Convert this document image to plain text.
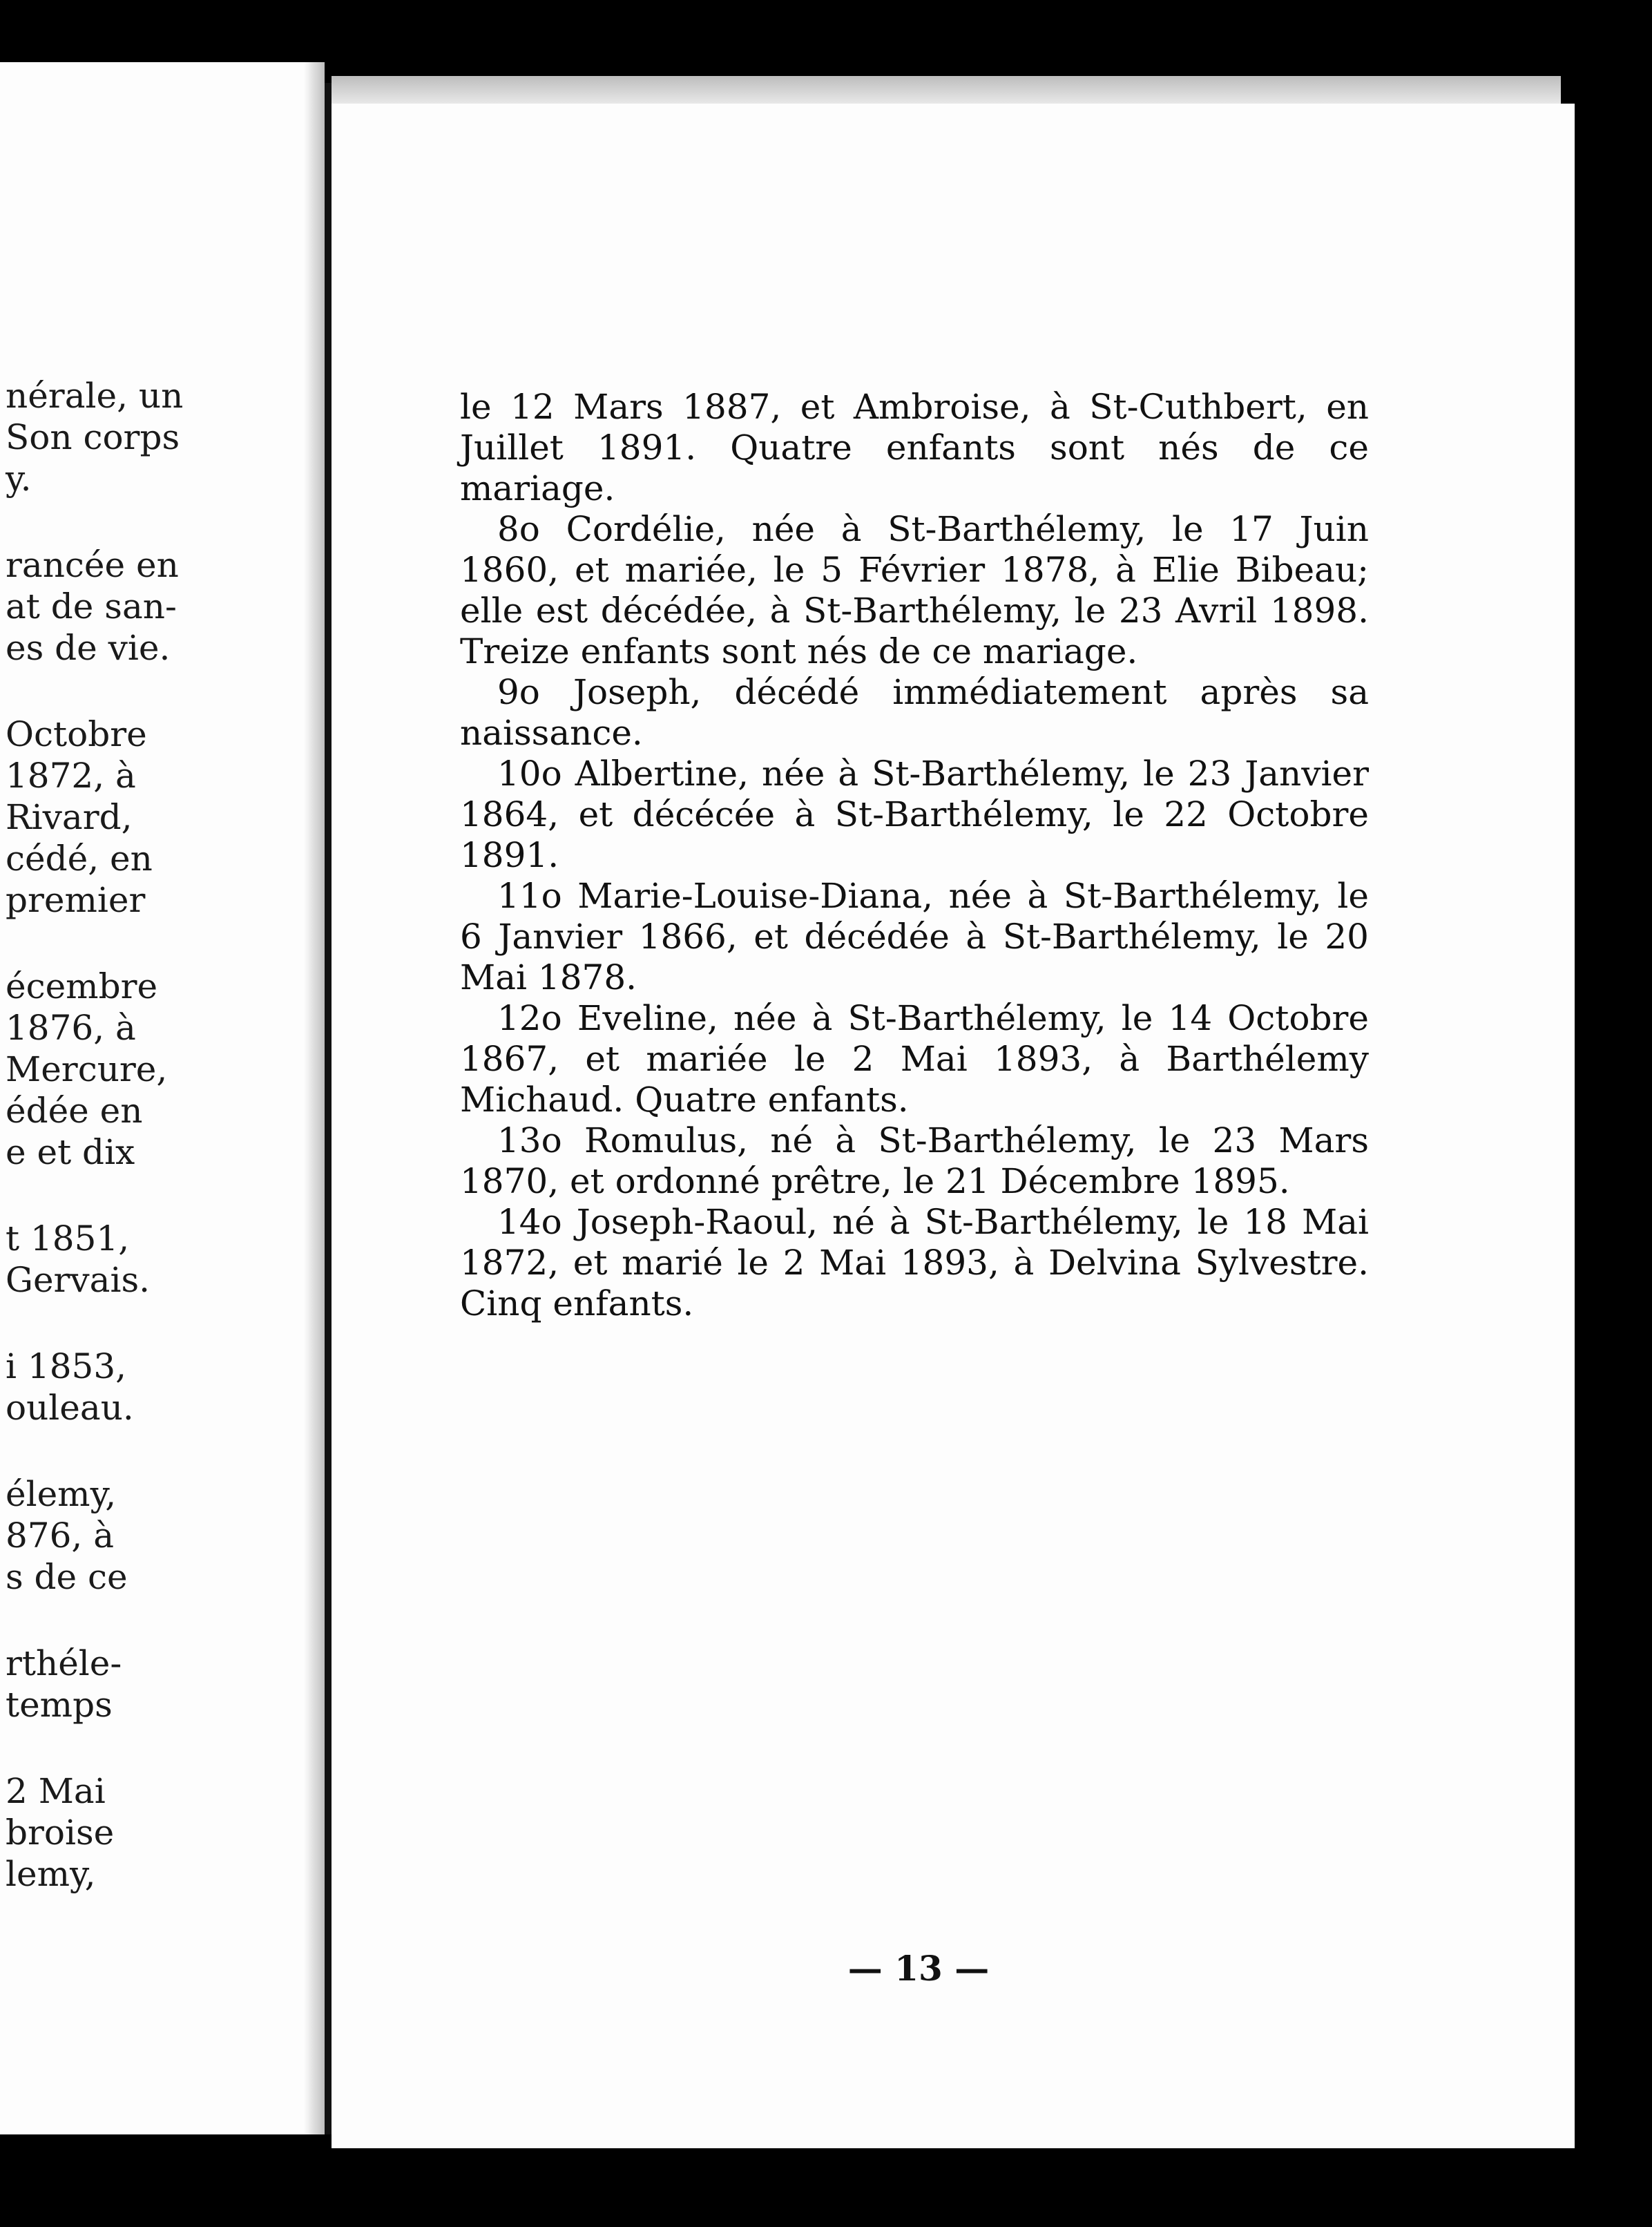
nérale, un
Son corps
y.
rancée en
at de san-
es de vie.
Octobre
1872, à
Rivard,
cédé, en
premier
écembre
1876, à
Mercure,
édée en
e et dix
t 1851,
Gervais.
i 1853,
ouleau.
élemy,
876, à
s de ce
rthéle-
temps
2 Mai
broise
lemy,

le 12 Mars 1887, et Ambroise, à St-Cuthbert, en Juillet 1891. Quatre enfants sont nés de ce mariage.

8o Cordélie, née à St-Barthélemy, le 17 Juin 1860, et mariée, le 5 Février 1878, à Elie Bibeau; elle est décédée, à St-Barthélemy, le 23 Avril 1898. Treize enfants sont nés de ce mariage.

9o Joseph, décédé immédiatement après sa naissance.

10o Albertine, née à St-Barthélemy, le 23 Janvier 1864, et décécée à St-Barthélemy, le 22 Octobre 1891.

11o Marie-Louise-Diana, née à St-Barthélemy, le 6 Janvier 1866, et décédée à St-Barthélemy, le 20 Mai 1878.

12o Eveline, née à St-Barthélemy, le 14 Octobre 1867, et mariée le 2 Mai 1893, à Barthélemy Michaud. Quatre enfants.

13o Romulus, né à St-Barthélemy, le 23 Mars 1870, et ordonné prêtre, le 21 Décembre 1895.

14o Joseph-Raoul, né à St-Barthélemy, le 18 Mai 1872, et marié le 2 Mai 1893, à Delvina Sylvestre. Cinq enfants.

— 13 —
